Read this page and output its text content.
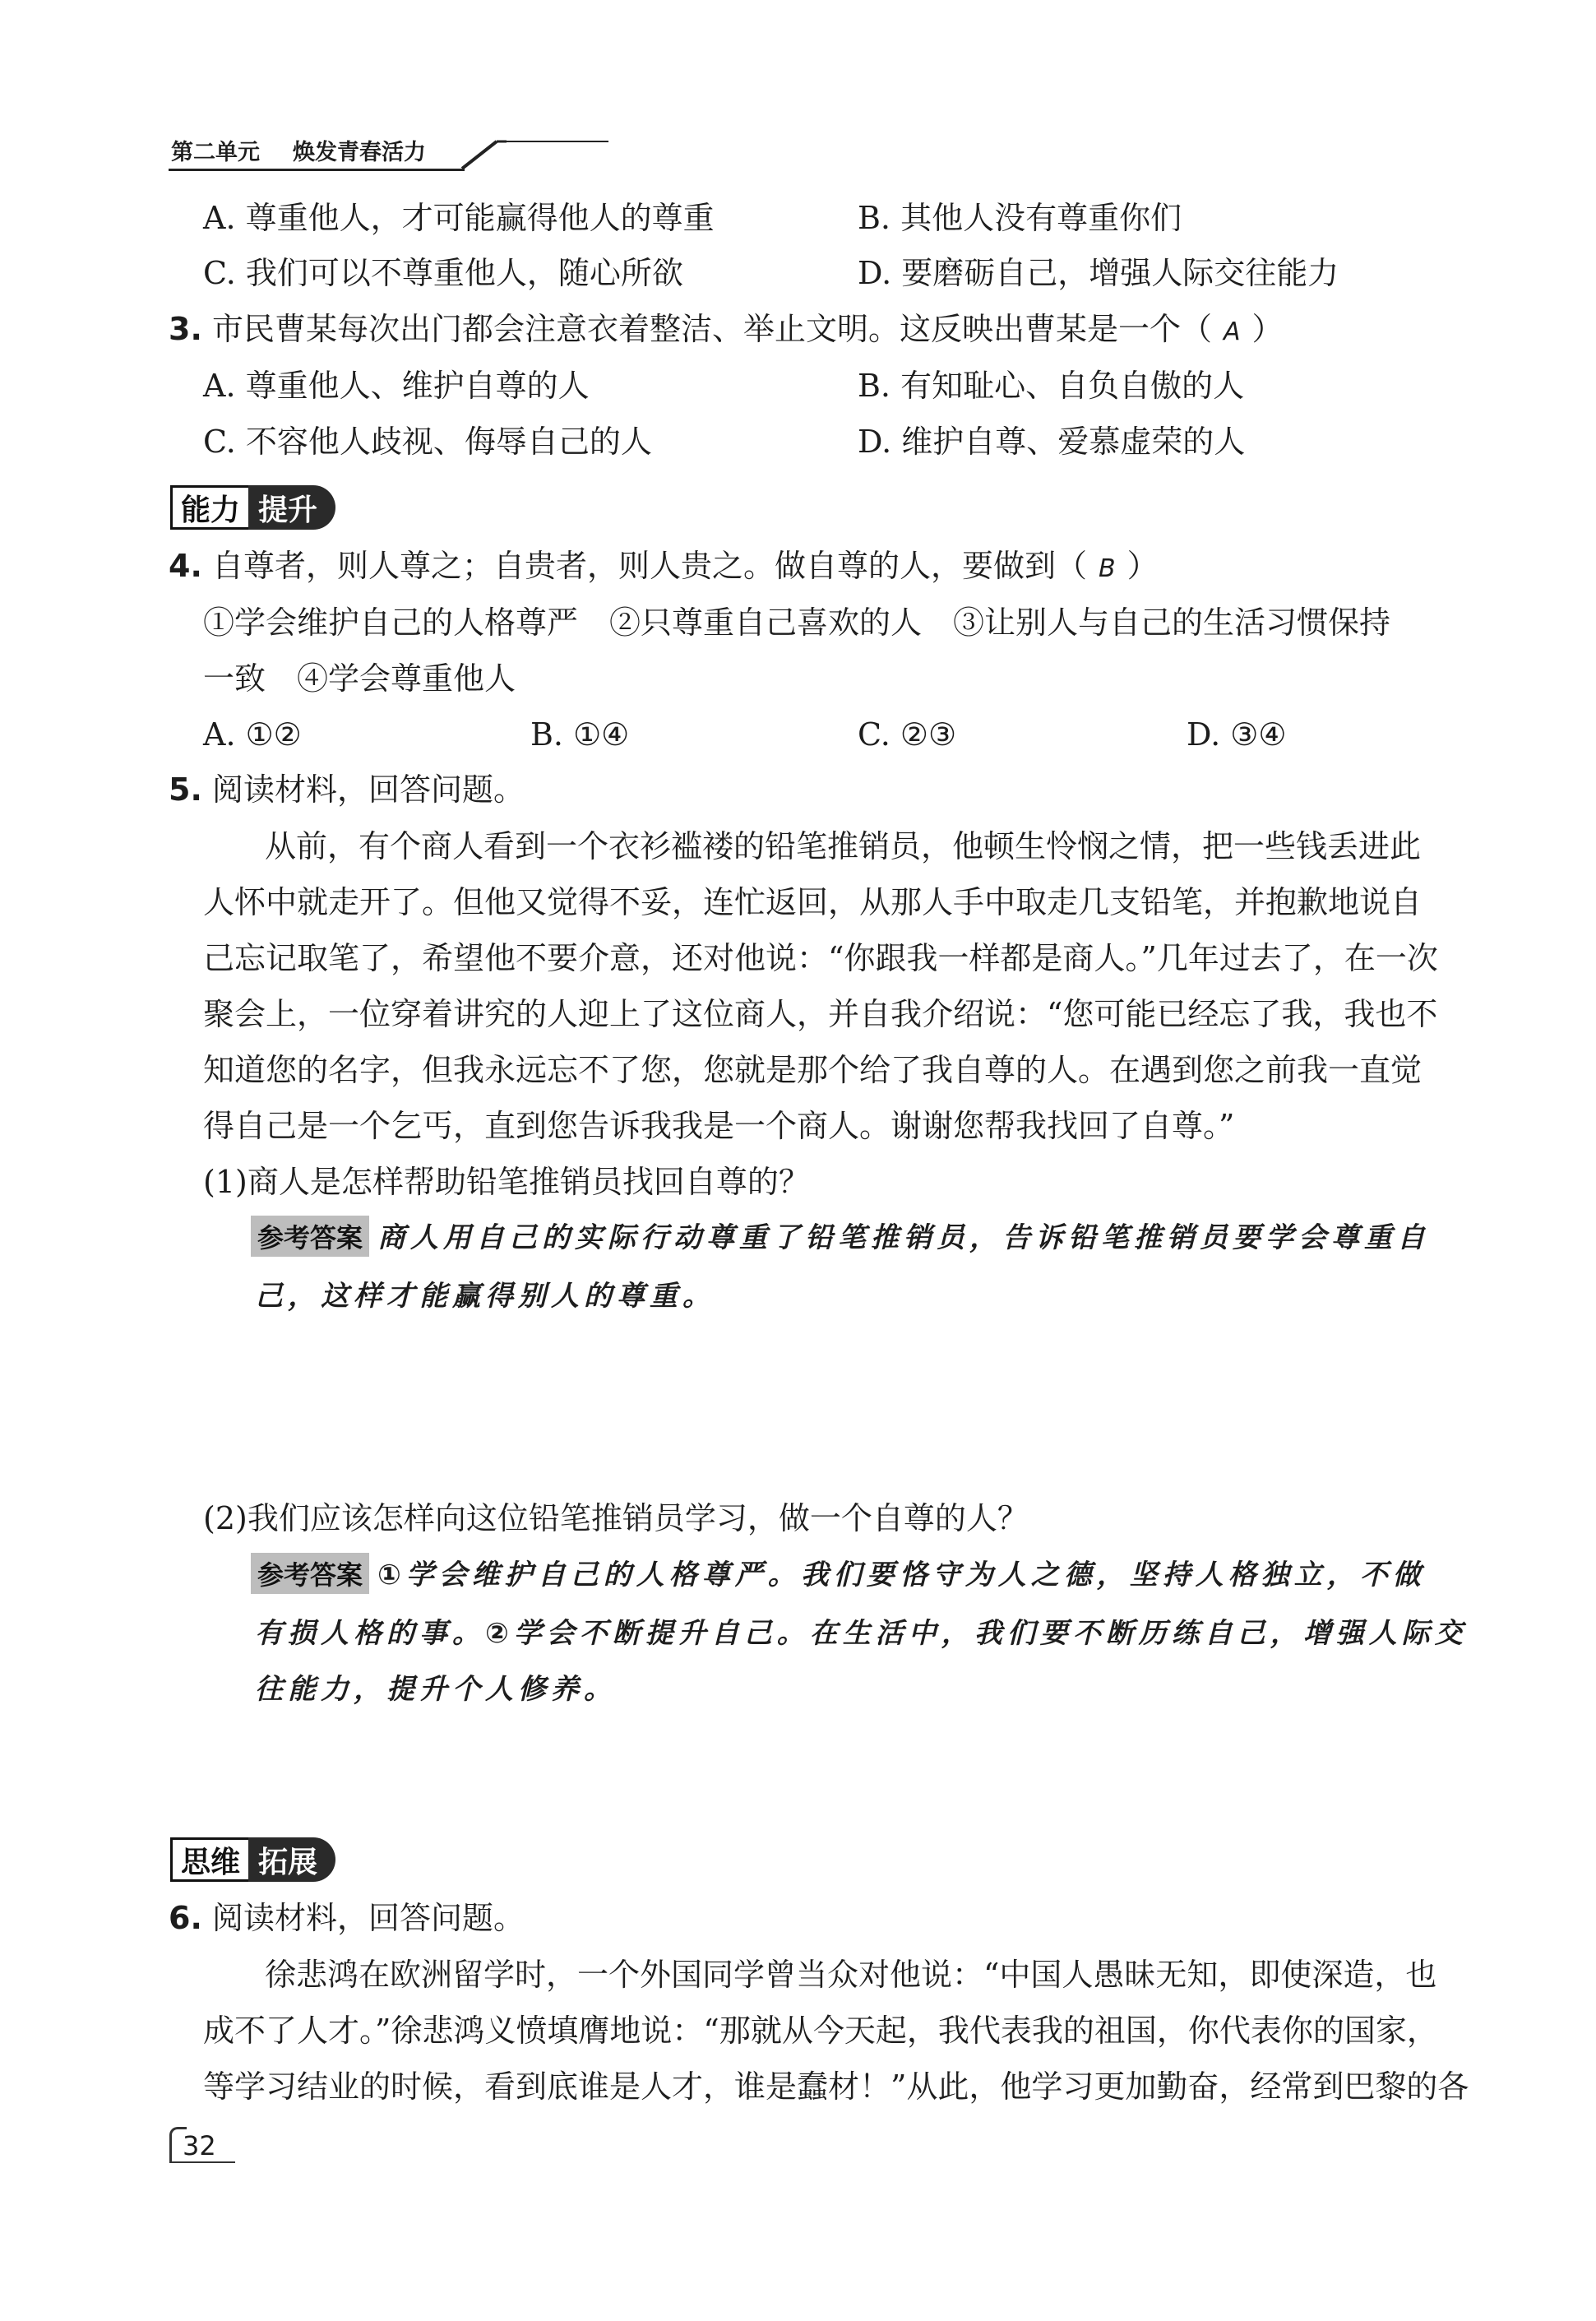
第二单元 焕发青春活力
A. 尊重他人，才可能赢得他人的尊重	B. 其他人没有尊重你们
C. 我们可以不尊重他人，随心所欲	D. 要磨砺自己，增强人际交往能力
3. 市民曹某每次出门都会注意衣着整洁、举止文明。这反映出曹某是一个（ A ）
A. 尊重他人、维护自尊的人	B. 有知耻心、自负自傲的人
C. 不容他人歧视、侮辱自己的人	D. 维护自尊、爱慕虚荣的人
能力 提升
4. 自尊者，则人尊之；自贵者，则人贵之。做自尊的人，要做到（ B ）
①学会维护自己的人格尊严　②只尊重自己喜欢的人　③让别人与自己的生活习惯保持
一致　④学会尊重他人
A. ①②	B. ①④	C. ②③	D. ③④
5. 阅读材料，回答问题。
从前，有个商人看到一个衣衫褴褛的铅笔推销员，他顿生怜悯之情，把一些钱丢进此
人怀中就走开了。但他又觉得不妥，连忙返回，从那人手中取走几支铅笔，并抱歉地说自
己忘记取笔了，希望他不要介意，还对他说：“你跟我一样都是商人。”几年过去了，在一次
聚会上，一位穿着讲究的人迎上了这位商人，并自我介绍说：“您可能已经忘了我，我也不
知道您的名字，但我永远忘不了您，您就是那个给了我自尊的人。在遇到您之前我一直觉
得自己是一个乞丐，直到您告诉我我是一个商人。谢谢您帮我找回了自尊。”
(1)商人是怎样帮助铅笔推销员找回自尊的？
参考答案 商人用自己的实际行动尊重了铅笔推销员，告诉铅笔推销员要学会尊重自
己，这样才能赢得别人的尊重。
(2)我们应该怎样向这位铅笔推销员学习，做一个自尊的人？
参考答案 ①学会维护自己的人格尊严。我们要恪守为人之德，坚持人格独立，不做
有损人格的事。②学会不断提升自己。在生活中，我们要不断历练自己，增强人际交
往能力，提升个人修养。
思维 拓展
6. 阅读材料，回答问题。
徐悲鸿在欧洲留学时，一个外国同学曾当众对他说：“中国人愚昧无知，即使深造，也
成不了人才。”徐悲鸿义愤填膺地说：“那就从今天起，我代表我的祖国，你代表你的国家，
等学习结业的时候，看到底谁是人才，谁是蠢材！”从此，他学习更加勤奋，经常到巴黎的各
32
